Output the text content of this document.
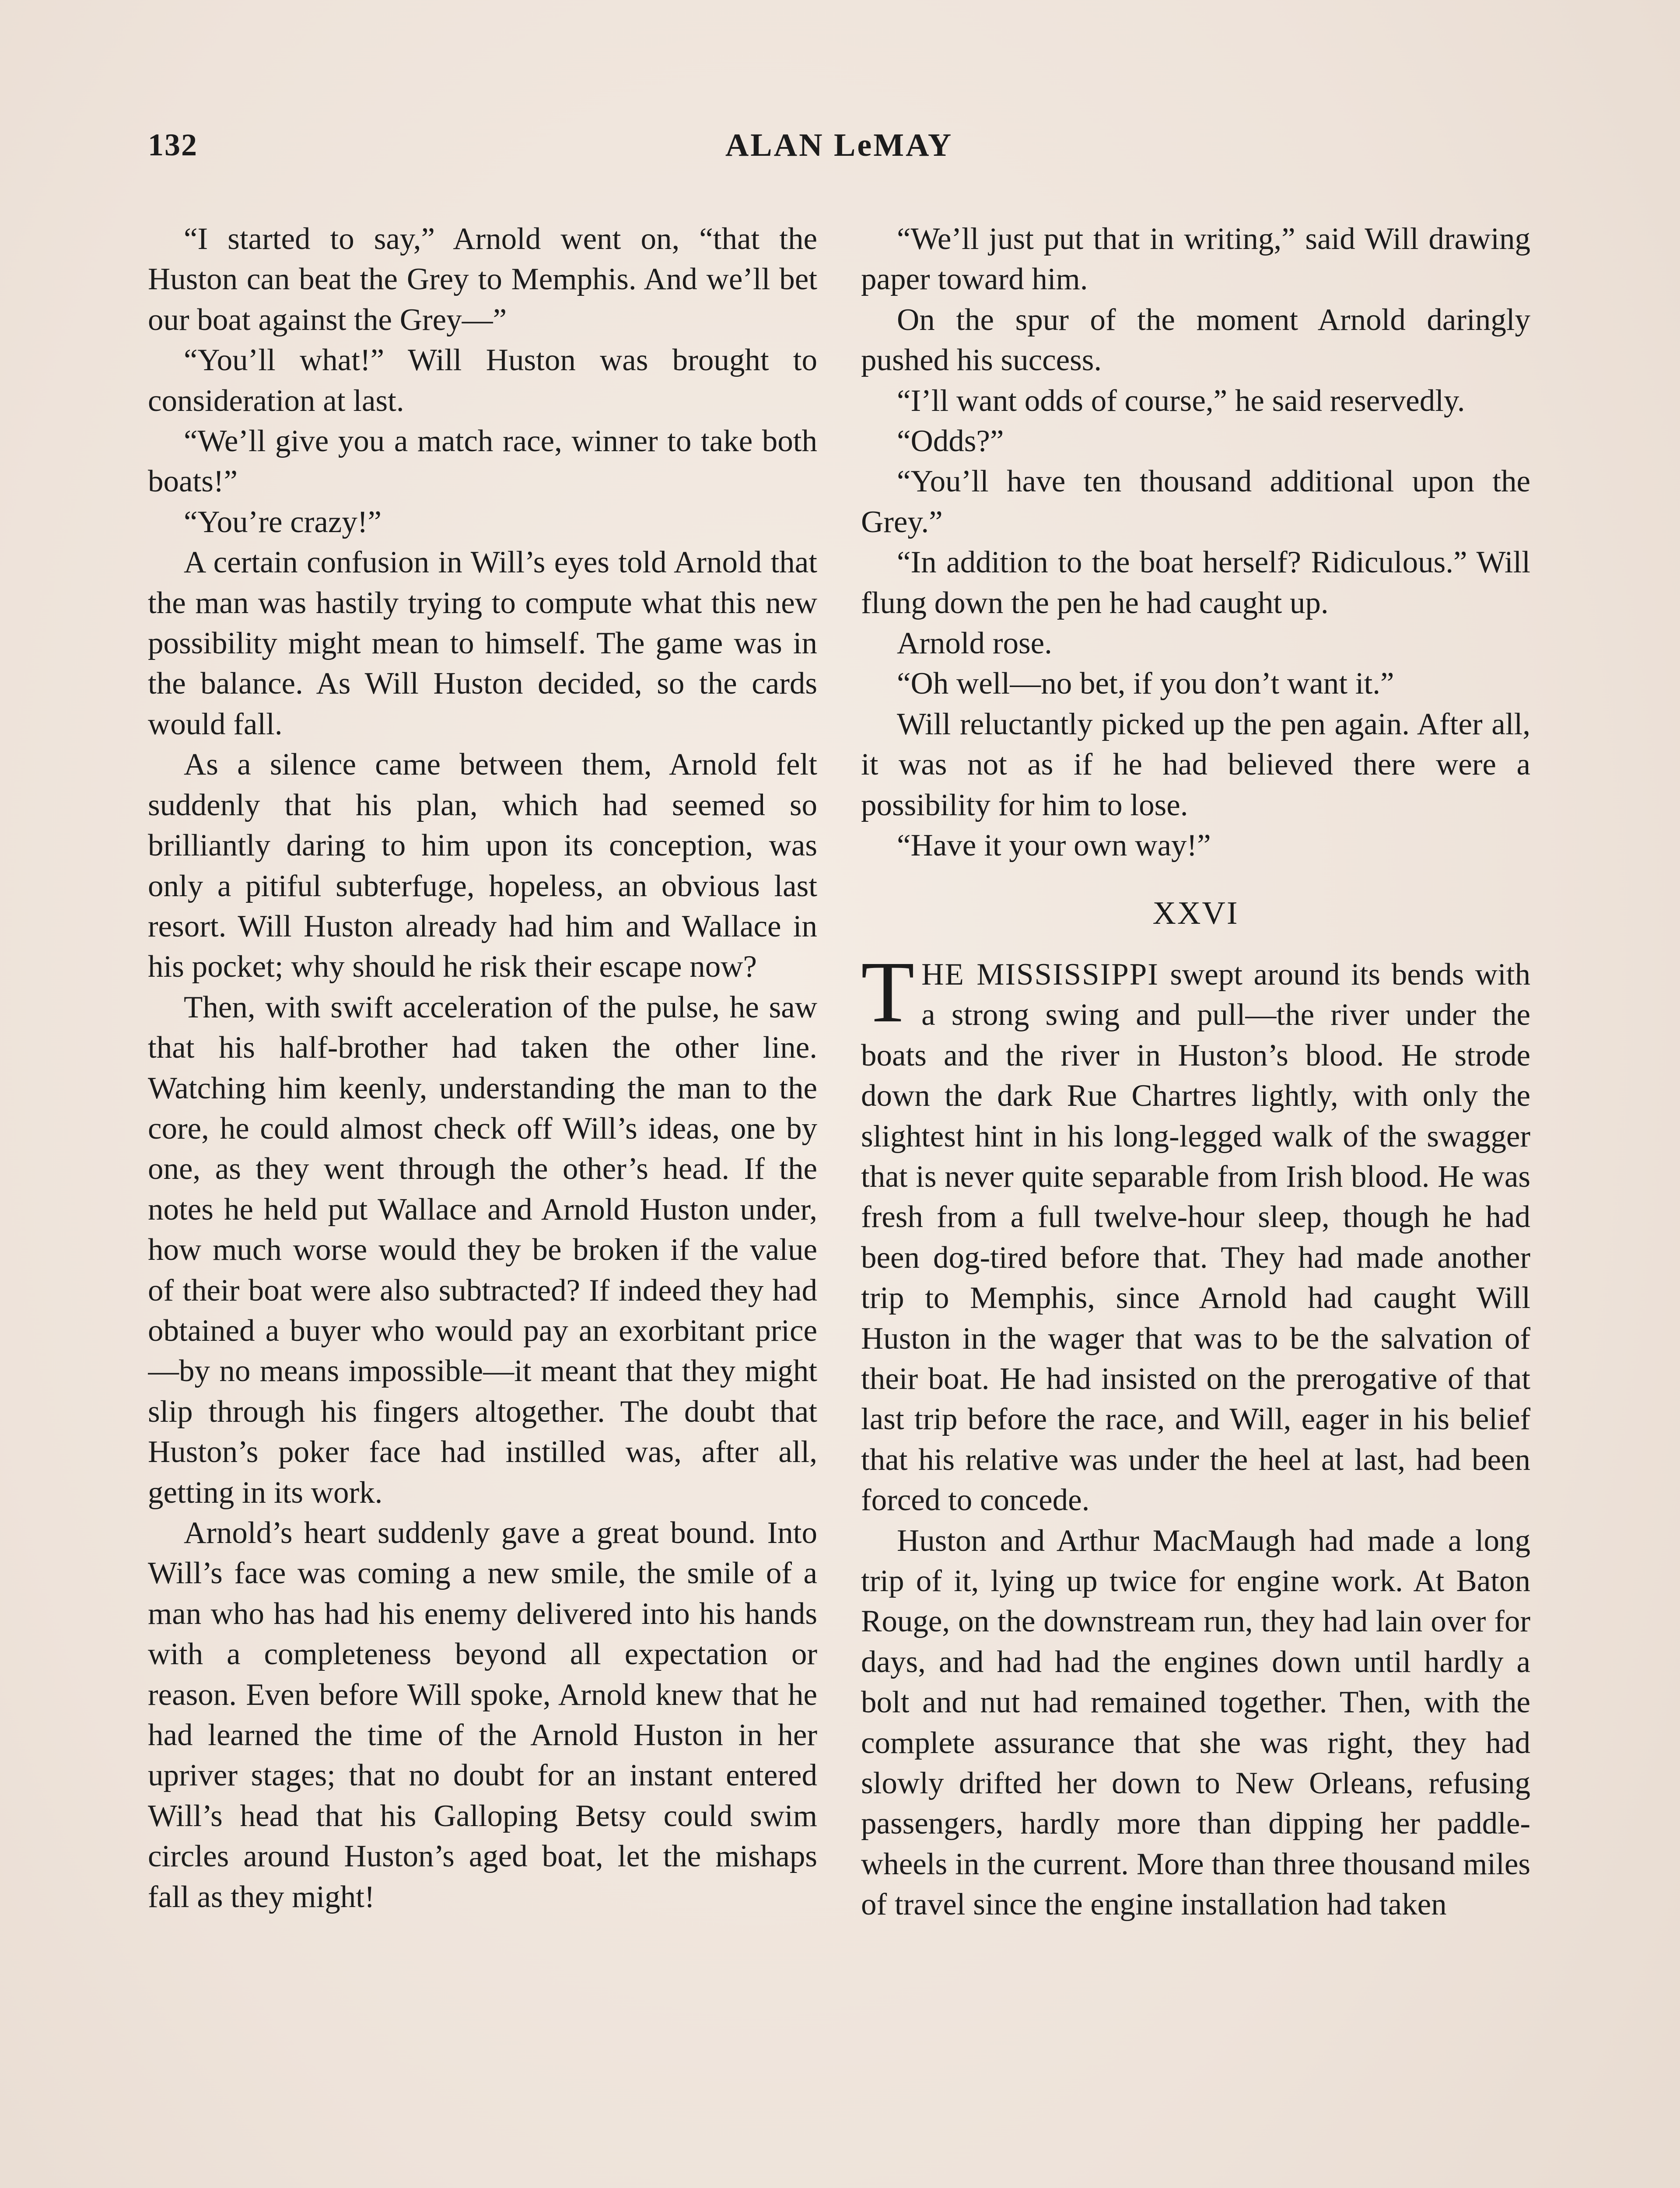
132	ALAN LeMAY

“I started to say,” Arnold went on, “that the Huston can beat the Grey to Memphis. And we’ll bet our boat against the Grey—”

“You’ll what!” Will Huston was brought to consideration at last.

“We’ll give you a match race, winner to take both boats!”

“You’re crazy!”

A certain confusion in Will’s eyes told Arnold that the man was hastily trying to compute what this new possibility might mean to himself. The game was in the balance. As Will Huston decided, so the cards would fall.

As a silence came between them, Arnold felt suddenly that his plan, which had seemed so brilliantly daring to him upon its conception, was only a pitiful subterfuge, hopeless, an obvious last resort. Will Huston already had him and Wallace in his pocket; why should he risk their escape now?

Then, with swift acceleration of the pulse, he saw that his half-brother had taken the other line. Watching him keenly, understanding the man to the core, he could almost check off Will’s ideas, one by one, as they went through the other’s head. If the notes he held put Wallace and Arnold Huston under, how much worse would they be broken if the value of their boat were also subtracted? If indeed they had obtained a buyer who would pay an exorbitant price—by no means impossible—it meant that they might slip through his fingers altogether. The doubt that Huston’s poker face had instilled was, after all, getting in its work.

Arnold’s heart suddenly gave a great bound. Into Will’s face was coming a new smile, the smile of a man who has had his enemy delivered into his hands with a completeness beyond all expectation or reason. Even before Will spoke, Arnold knew that he had learned the time of the Arnold Huston in her upriver stages; that no doubt for an instant entered Will’s head that his Galloping Betsy could swim circles around Huston’s aged boat, let the mishaps fall as they might!

“We’ll just put that in writing,” said Will drawing paper toward him.

On the spur of the moment Arnold daringly pushed his success.

“I’ll want odds of course,” he said reservedly.

“Odds?”

“You’ll have ten thousand additional upon the Grey.”

“In addition to the boat herself? Ridiculous.” Will flung down the pen he had caught up.

Arnold rose.

“Oh well—no bet, if you don’t want it.”

Will reluctantly picked up the pen again. After all, it was not as if he had believed there were a possibility for him to lose.

“Have it your own way!”

XXVI

THE MISSISSIPPI swept around its bends with a strong swing and pull—the river under the boats and the river in Huston’s blood. He strode down the dark Rue Chartres lightly, with only the slightest hint in his long-legged walk of the swagger that is never quite separable from Irish blood. He was fresh from a full twelve-hour sleep, though he had been dog-tired before that. They had made another trip to Memphis, since Arnold had caught Will Huston in the wager that was to be the salvation of their boat. He had insisted on the prerogative of that last trip before the race, and Will, eager in his belief that his relative was under the heel at last, had been forced to concede.

Huston and Arthur MacMaugh had made a long trip of it, lying up twice for engine work. At Baton Rouge, on the downstream run, they had lain over for days, and had had the engines down until hardly a bolt and nut had remained together. Then, with the complete assurance that she was right, they had slowly drifted her down to New Orleans, refusing passengers, hardly more than dipping her paddle-wheels in the current. More than three thousand miles of travel since the engine installation had taken
